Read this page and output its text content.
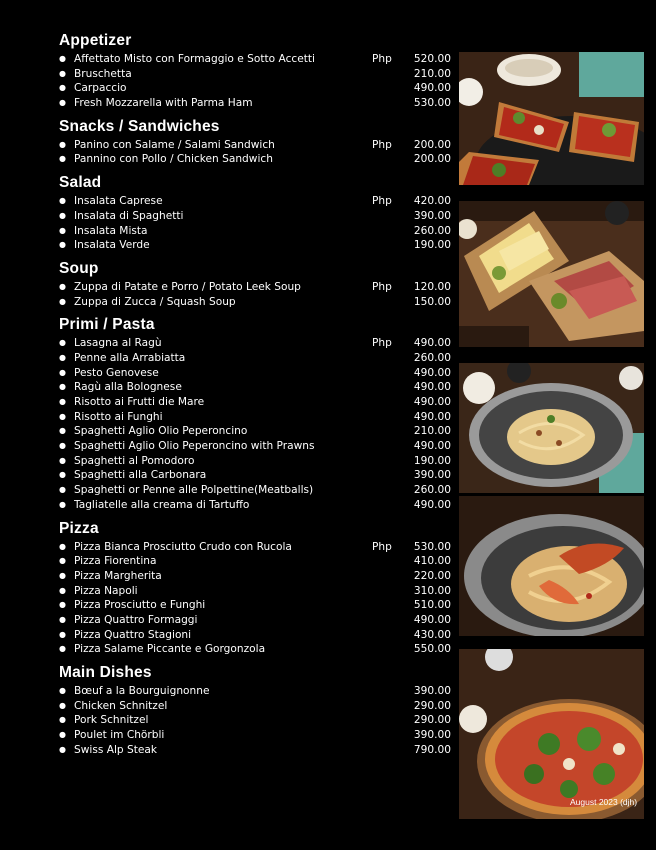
Appetizer
● Affettato Misto con Formaggio e Sotto Accetti	Php	520.00
● Bruschetta	210.00
● Carpaccio	490.00
● Fresh Mozzarella with Parma Ham	530.00
Snacks / Sandwiches
● Panino con Salame / Salami Sandwich	Php	200.00
● Pannino con Pollo / Chicken Sandwich	200.00
Salad
● Insalata Caprese	Php	420.00
● Insalata di Spaghetti	390.00
● Insalata Mista	260.00
● Insalata Verde	190.00
Soup
● Zuppa di Patate e Porro / Potato Leek Soup	Php	120.00
● Zuppa di Zucca / Squash Soup	150.00
Primi / Pasta
● Lasagna al Ragù	Php	490.00
● Penne alla Arrabiatta	260.00
● Pesto Genovese	490.00
● Ragù alla Bolognese	490.00
● Risotto ai Frutti die Mare	490.00
● Risotto ai Funghi	490.00
● Spaghetti Aglio Olio Peperoncino	210.00
● Spaghetti Aglio Olio Peperoncino with Prawns	490.00
● Spaghetti al Pomodoro	190.00
● Spaghetti alla Carbonara	390.00
● Spaghetti or Penne alle Polpettine(Meatballs)	260.00
● Tagliatelle alla creama di Tartuffo	490.00
Pizza
● Pizza Bianca Prosciutto Crudo con Rucola	Php	530.00
● Pizza Fiorentina	410.00
● Pizza Margherita	220.00
● Pizza Napoli	310.00
● Pizza Prosciutto e Funghi	510.00
● Pizza Quattro Formaggi	490.00
● Pizza Quattro Stagioni	430.00
● Pizza Salame Piccante e Gorgonzola	550.00
Main Dishes
● Bœuf a la Bourguignonne	390.00
● Chicken Schnitzel	290.00
● Pork Schnitzel	290.00
● Poulet im Chörbli	390.00
● Swiss Alp Steak	790.00
August 2023 (djh)
